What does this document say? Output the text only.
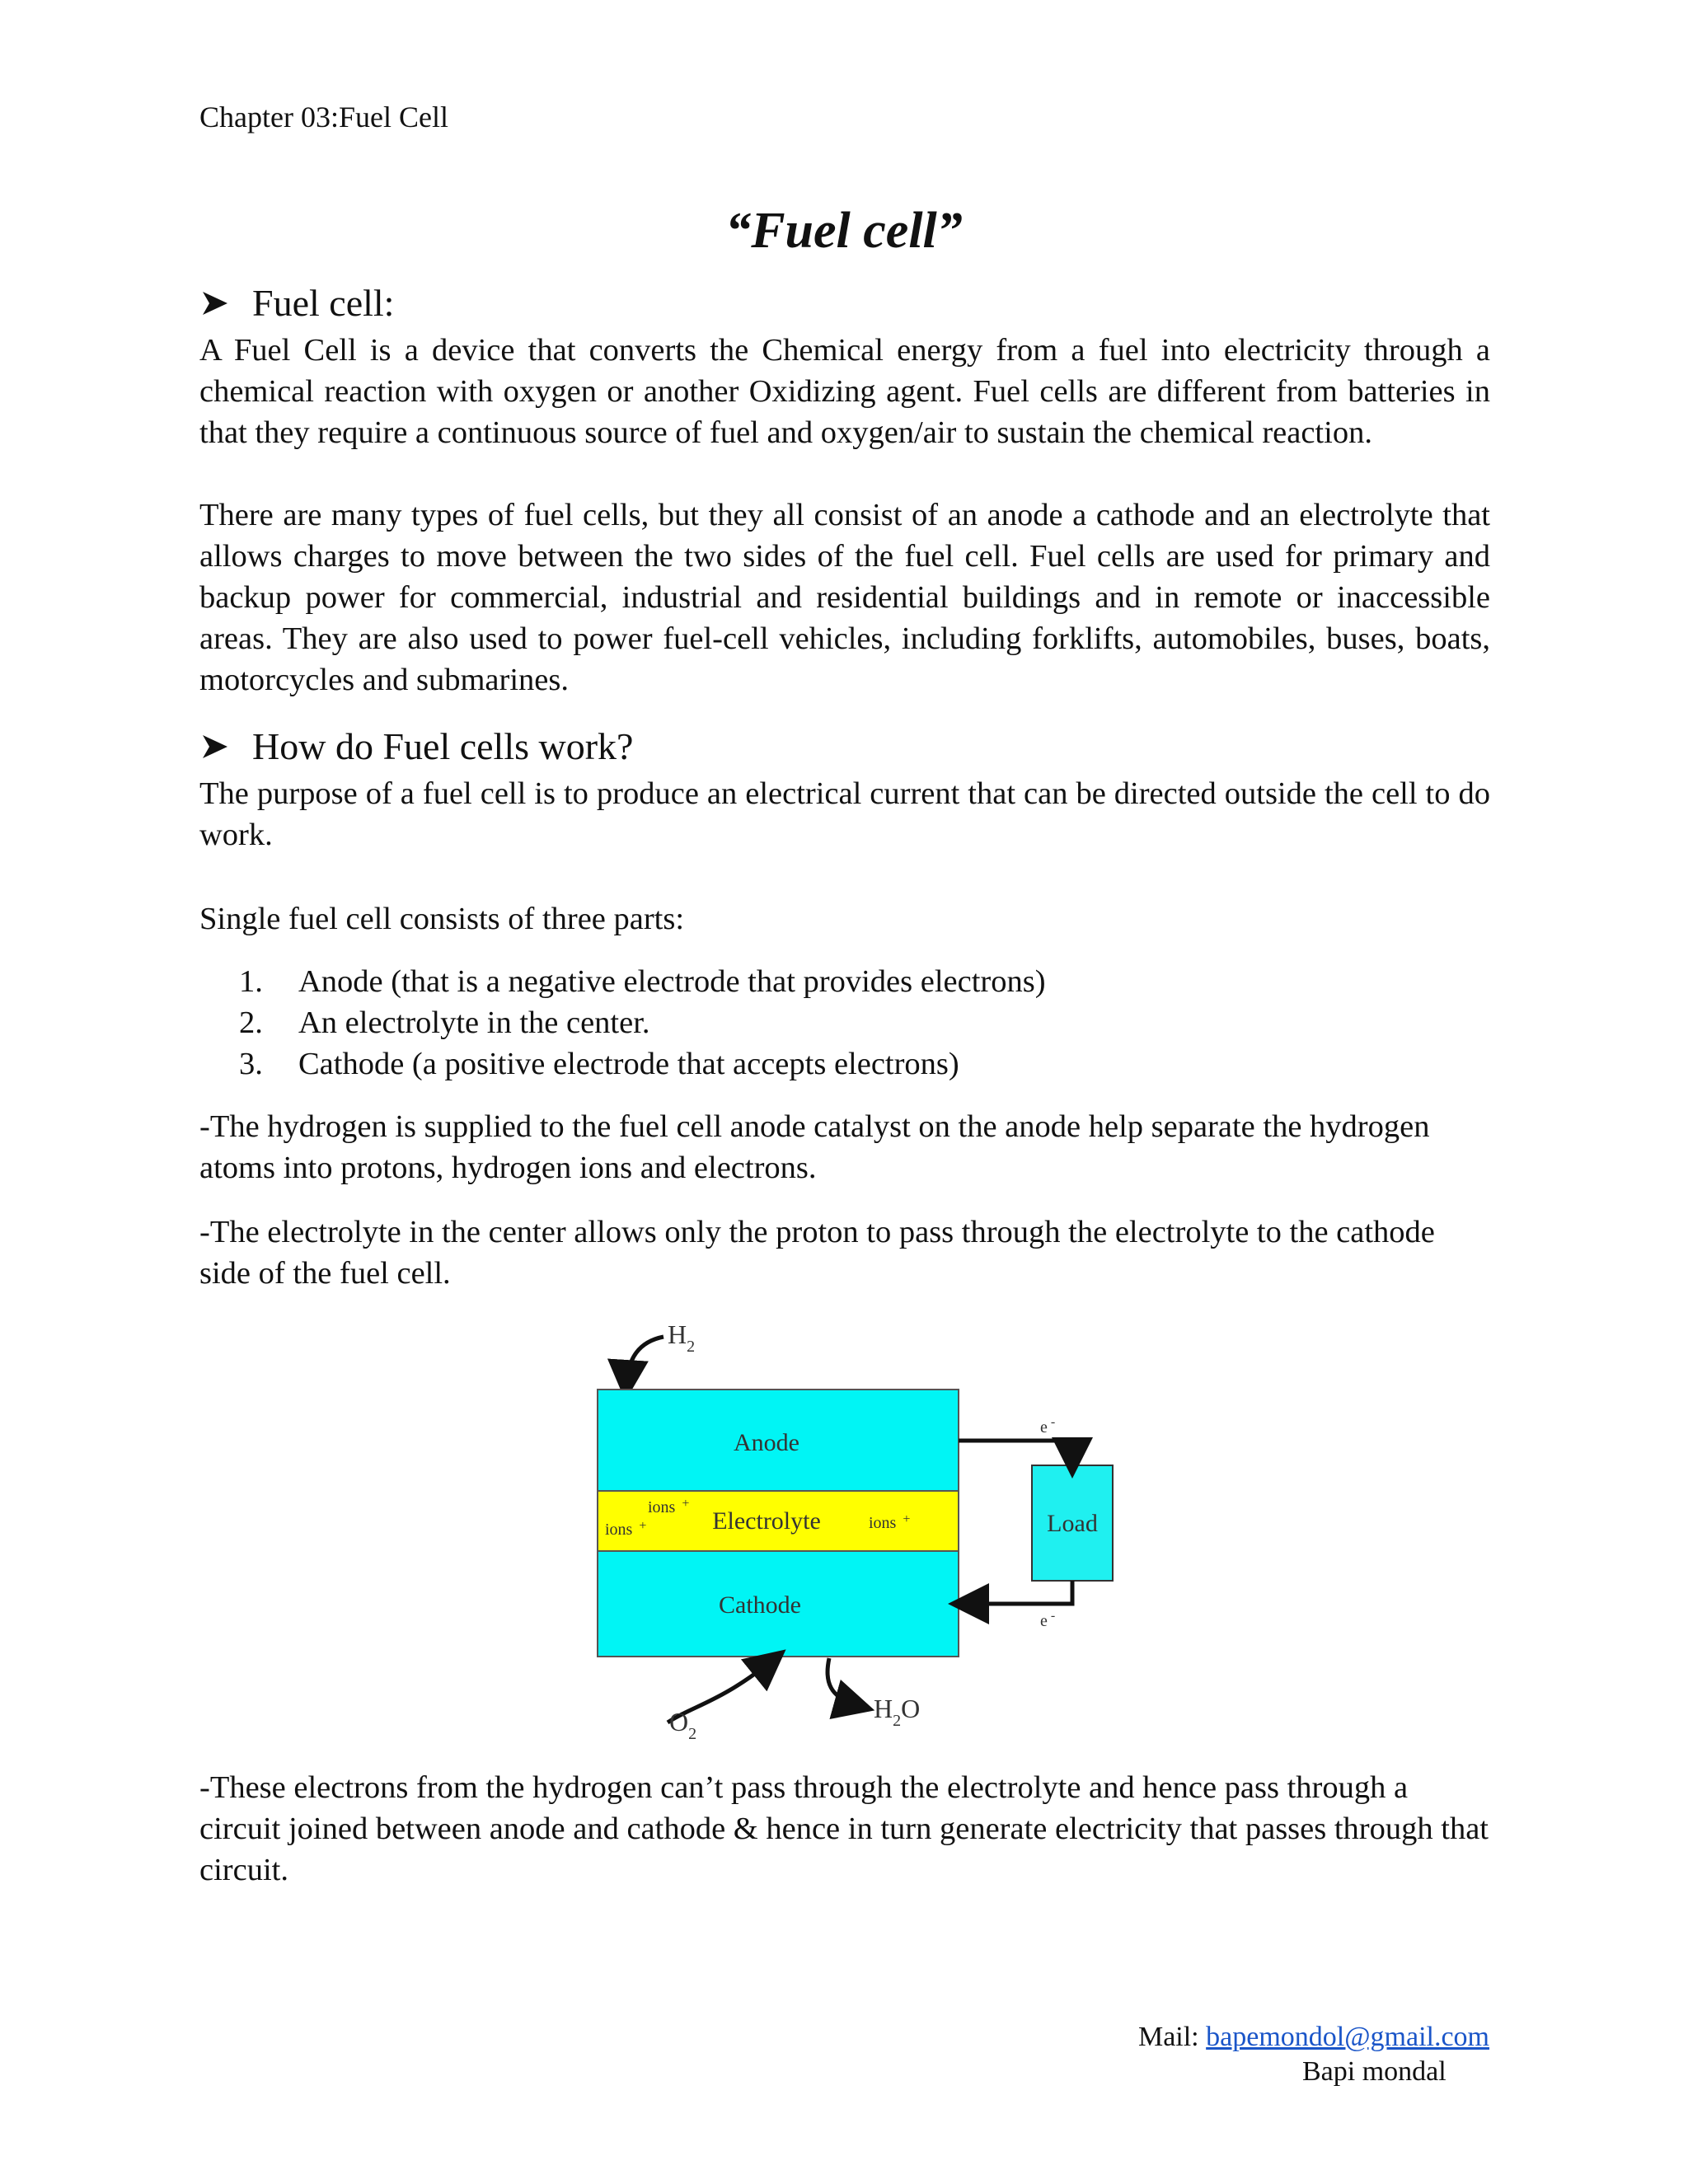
Chapter 03:Fuel Cell
“Fuel cell”
Fuel cell:

A Fuel Cell is a device that converts the Chemical energy from a fuel into electricity through a chemical reaction with oxygen or another Oxidizing agent. Fuel cells are different from batteries in that they require a continuous source of fuel and oxygen/air to sustain the chemical reaction.

There are many types of fuel cells, but they all consist of an anode a cathode and an electrolyte that allows charges to move between the two sides of the fuel cell. Fuel cells are used for primary and backup power for commercial, industrial and residential buildings and in remote or inaccessible areas. They are also used to power fuel-cell vehicles, including forklifts, automobiles, buses, boats, motorcycles and submarines.

How do Fuel cells work?

The purpose of a fuel cell is to produce an electrical current that can be directed outside the cell to do work.

Single fuel cell consists of three parts:

1.	Anode (that is a negative electrode that provides electrons)
2.	An electrolyte in the center.
3.	Cathode (a positive electrode that accepts electrons)

-The hydrogen is supplied to the fuel cell anode catalyst on the anode help separate the hydrogen atoms into protons, hydrogen ions and electrons.

-The electrolyte in the center allows only the proton to pass through the electrolyte to the cathode side of the fuel cell.

$H_2$
Anode
Electrolyte
ions +
ions +	ions +
Cathode
Load
e -
e -
$O_2$
$H_2O$

-These electrons from the hydrogen can’t pass through the electrolyte and hence pass through a circuit joined between anode and cathode & hence in turn generate electricity that passes through that circuit.

Mail: bapemondol@gmail.com
Bapi mondal
